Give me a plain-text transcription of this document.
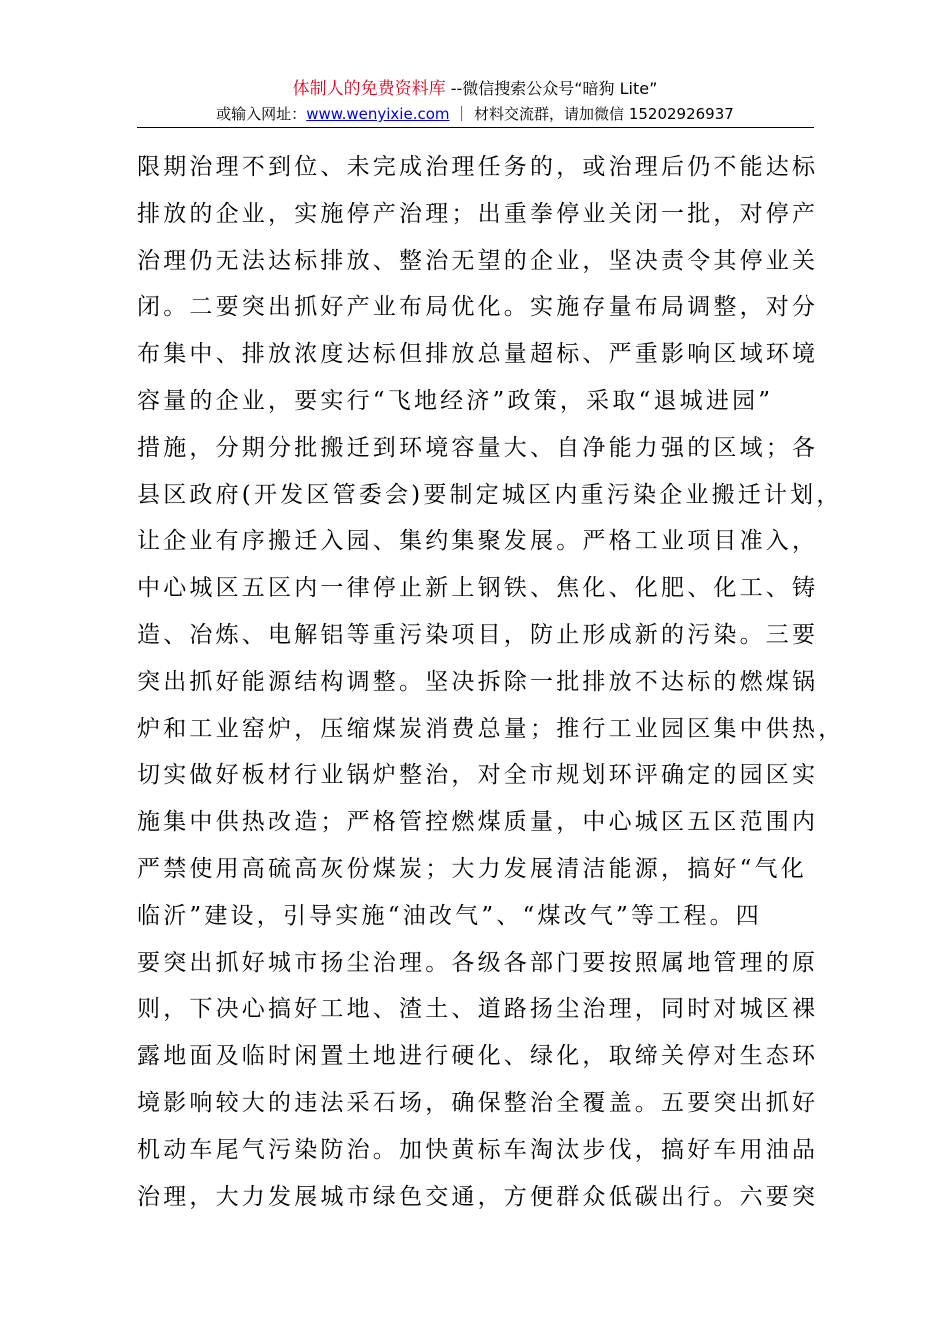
体制人的免费资料库 --微信搜索公众号“暗狗 Lite”
或输入网址：www.wenyixie.com ｜ 材料交流群，请加微信 15202926937
限期治理不到位、未完成治理任务的，或治理后仍不能达标
排放的企业，实施停产治理；出重拳停业关闭一批，对停产
治理仍无法达标排放、整治无望的企业，坚决责令其停业关
闭。二要突出抓好产业布局优化。实施存量布局调整，对分
布集中、排放浓度达标但排放总量超标、严重影响区域环境
容量的企业，要实行“飞地经济”政策，采取“退城进园”
措施，分期分批搬迁到环境容量大、自净能力强的区域；各
县区政府(开发区管委会)要制定城区内重污染企业搬迁计划，
让企业有序搬迁入园、集约集聚发展。严格工业项目准入，
中心城区五区内一律停止新上钢铁、焦化、化肥、化工、铸
造、冶炼、电解铝等重污染项目，防止形成新的污染。三要
突出抓好能源结构调整。坚决拆除一批排放不达标的燃煤锅
炉和工业窑炉，压缩煤炭消费总量；推行工业园区集中供热，
切实做好板材行业锅炉整治，对全市规划环评确定的园区实
施集中供热改造；严格管控燃煤质量，中心城区五区范围内
严禁使用高硫高灰份煤炭；大力发展清洁能源，搞好“气化
临沂”建设，引导实施“油改气”、“煤改气”等工程。四
要突出抓好城市扬尘治理。各级各部门要按照属地管理的原
则，下决心搞好工地、渣土、道路扬尘治理，同时对城区裸
露地面及临时闲置土地进行硬化、绿化，取缔关停对生态环
境影响较大的违法采石场，确保整治全覆盖。五要突出抓好
机动车尾气污染防治。加快黄标车淘汰步伐，搞好车用油品
治理，大力发展城市绿色交通，方便群众低碳出行。六要突
